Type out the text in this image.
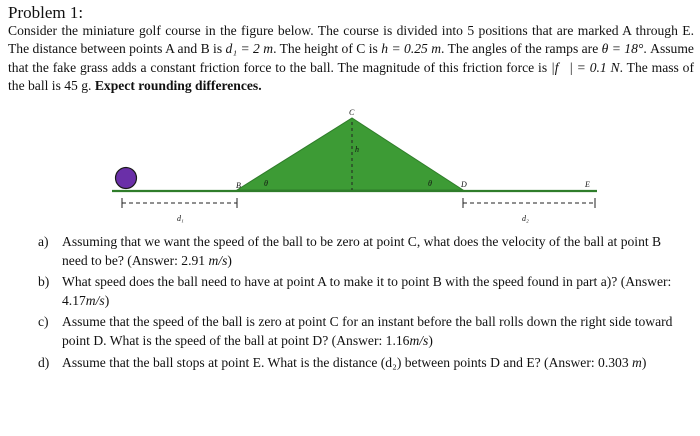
Problem 1:
Consider the miniature golf course in the figure below. The course is divided into 5 positions that are marked A through E. The distance between points A and B is d₁ = 2 m. The height of C is h = 0.25 m. The angles of the ramps are θ = 18°. Assume that the fake grass adds a constant friction force to the ball. The magnitude of this friction force is |f⃗| = 0.1 N. The mass of the ball is 45 g. Expect rounding differences.
C
h
B	θ	θ	D	E
d₁	d₂
a) Assuming that we want the speed of the ball to be zero at point C, what does the velocity of the ball at point B need to be? (Answer: 2.91 m/s)
b) What speed does the ball need to have at point A to make it to point B with the speed found in part a)? (Answer: 4.17m/s)
c) Assume that the speed of the ball is zero at point C for an instant before the ball rolls down the right side toward point D. What is the speed of the ball at point D? (Answer: 1.16m/s)
d) Assume that the ball stops at point E. What is the distance (d₂) between points D and E? (Answer: 0.303 m)
